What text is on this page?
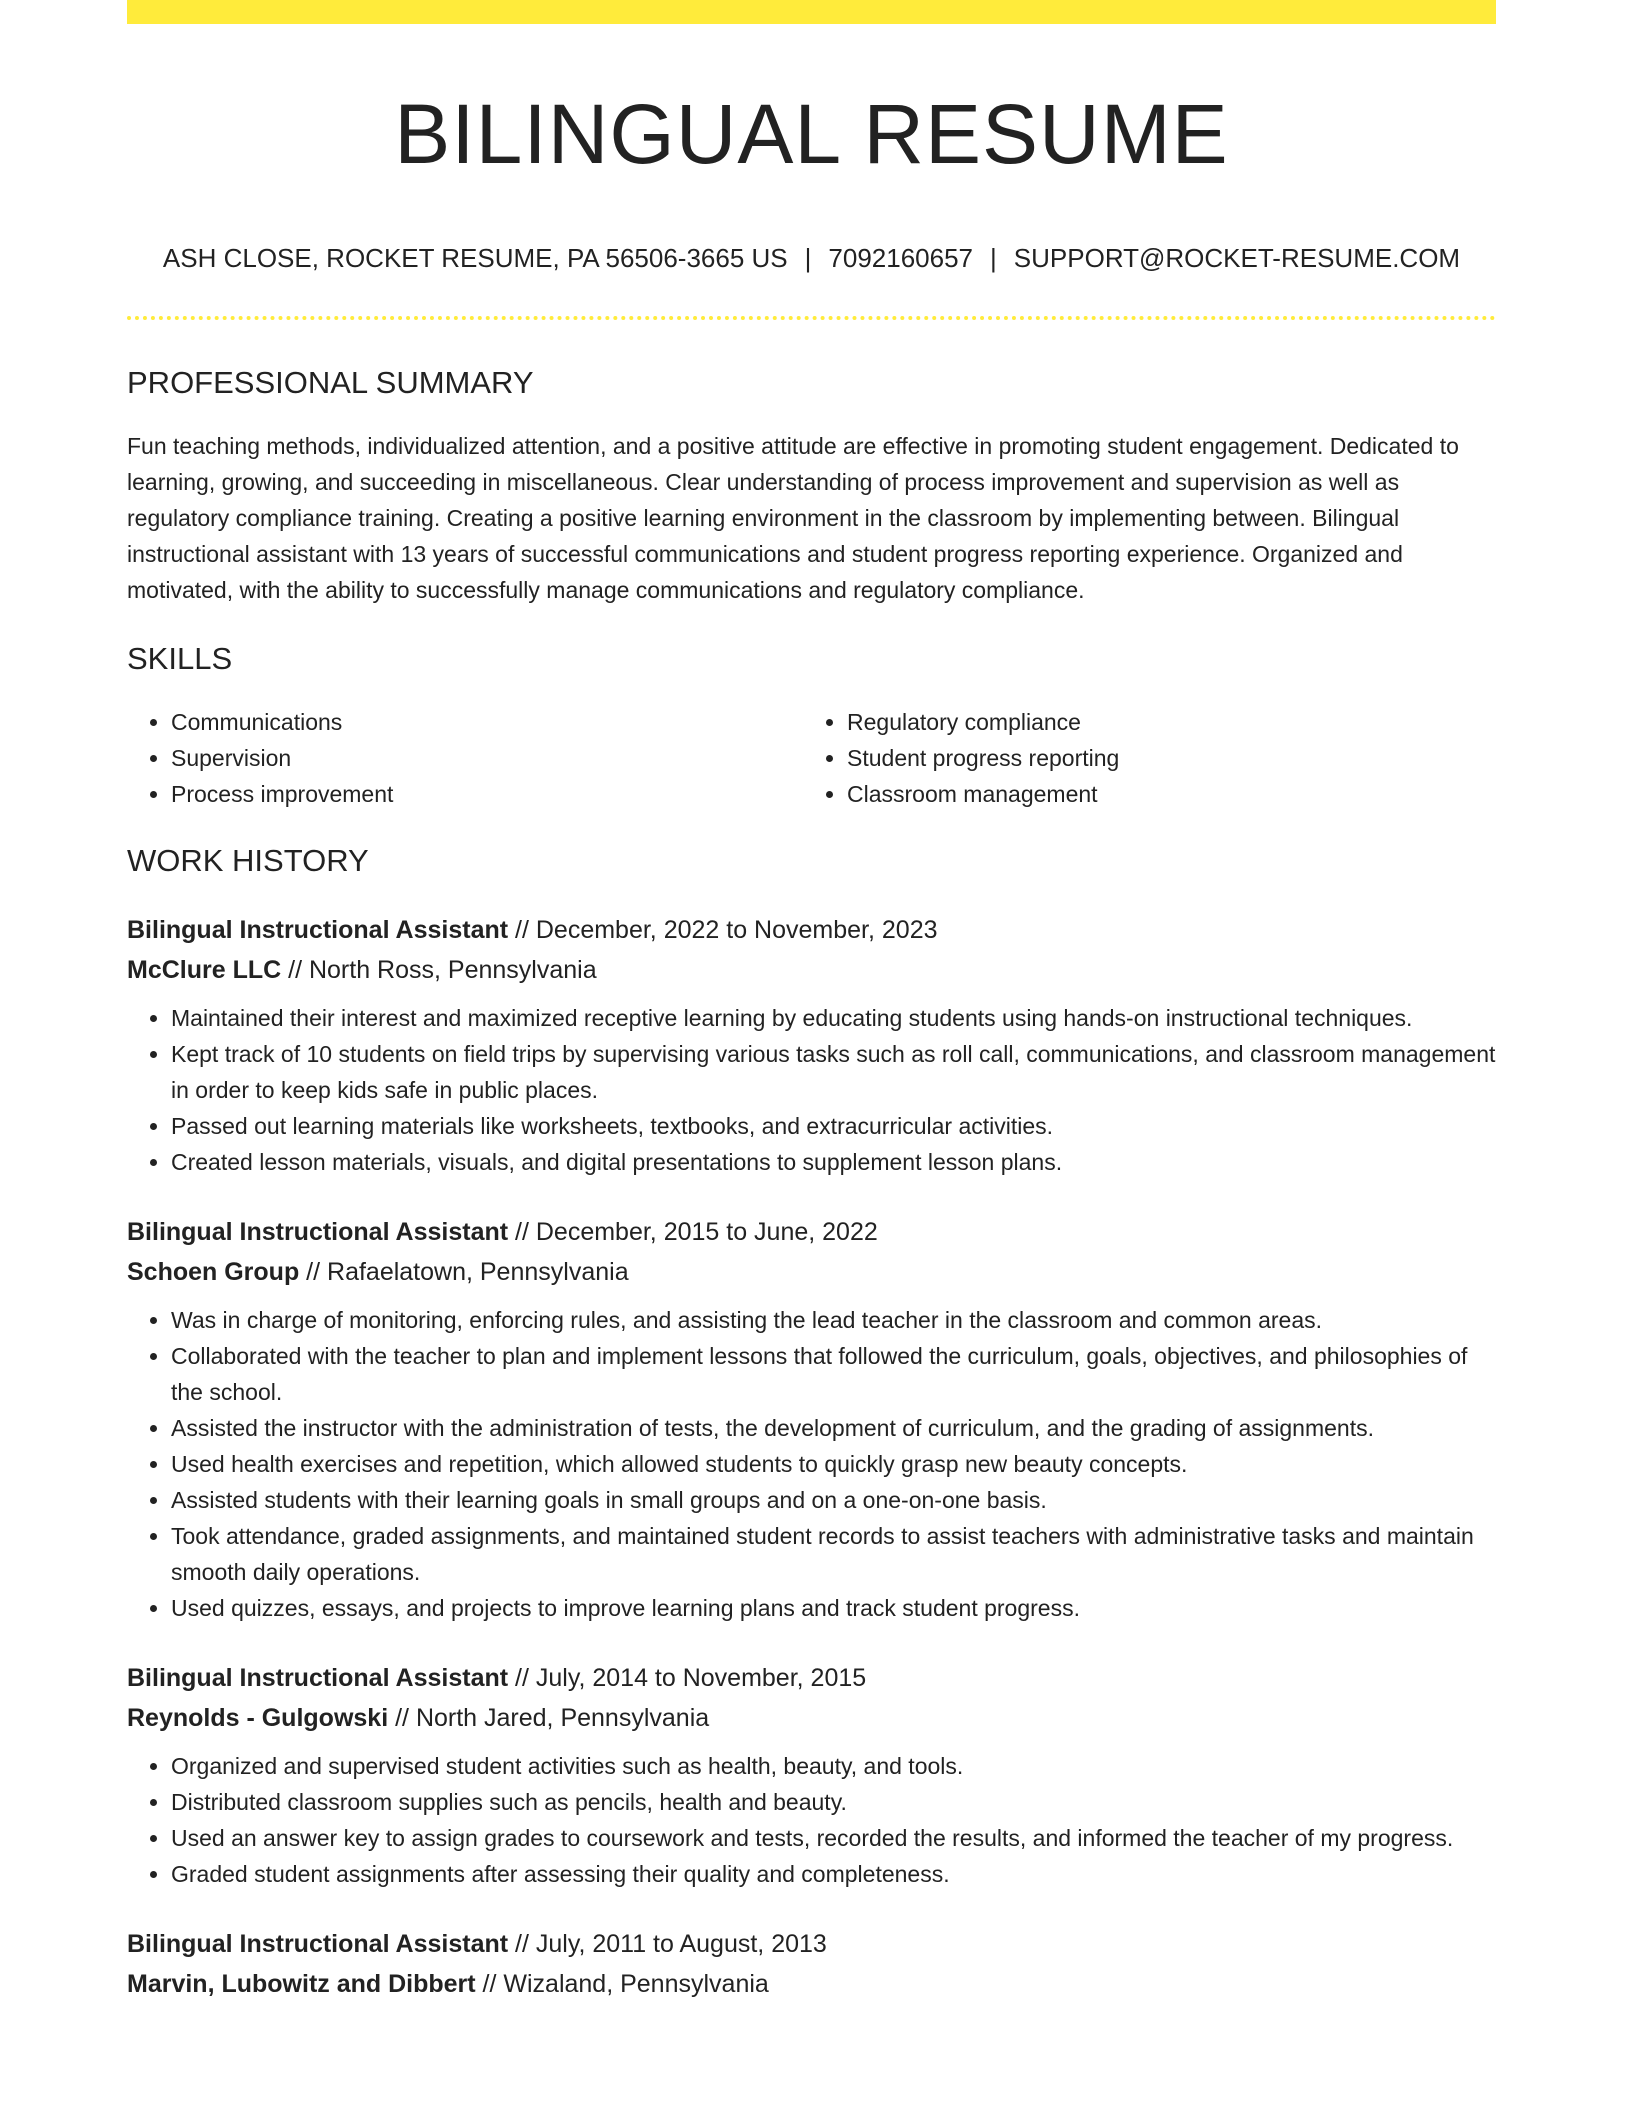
BILINGUAL RESUME
ASH CLOSE, ROCKET RESUME, PA 56506-3665 US | 7092160657 | SUPPORT@ROCKET-RESUME.COM
PROFESSIONAL SUMMARY
Fun teaching methods, individualized attention, and a positive attitude are effective in promoting student engagement. Dedicated to learning, growing, and succeeding in miscellaneous. Clear understanding of process improvement and supervision as well as regulatory compliance training. Creating a positive learning environment in the classroom by implementing between. Bilingual instructional assistant with 13 years of successful communications and student progress reporting experience. Organized and motivated, with the ability to successfully manage communications and regulatory compliance.
SKILLS
• Communications
• Supervision
• Process improvement
• Regulatory compliance
• Student progress reporting
• Classroom management
WORK HISTORY
Bilingual Instructional Assistant // December, 2022 to November, 2023
McClure LLC // North Ross, Pennsylvania
• Maintained their interest and maximized receptive learning by educating students using hands-on instructional techniques.
• Kept track of 10 students on field trips by supervising various tasks such as roll call, communications, and classroom management in order to keep kids safe in public places.
• Passed out learning materials like worksheets, textbooks, and extracurricular activities.
• Created lesson materials, visuals, and digital presentations to supplement lesson plans.
Bilingual Instructional Assistant // December, 2015 to June, 2022
Schoen Group // Rafaelatown, Pennsylvania
• Was in charge of monitoring, enforcing rules, and assisting the lead teacher in the classroom and common areas.
• Collaborated with the teacher to plan and implement lessons that followed the curriculum, goals, objectives, and philosophies of the school.
• Assisted the instructor with the administration of tests, the development of curriculum, and the grading of assignments.
• Used health exercises and repetition, which allowed students to quickly grasp new beauty concepts.
• Assisted students with their learning goals in small groups and on a one-on-one basis.
• Took attendance, graded assignments, and maintained student records to assist teachers with administrative tasks and maintain smooth daily operations.
• Used quizzes, essays, and projects to improve learning plans and track student progress.
Bilingual Instructional Assistant // July, 2014 to November, 2015
Reynolds - Gulgowski // North Jared, Pennsylvania
• Organized and supervised student activities such as health, beauty, and tools.
• Distributed classroom supplies such as pencils, health and beauty.
• Used an answer key to assign grades to coursework and tests, recorded the results, and informed the teacher of my progress.
• Graded student assignments after assessing their quality and completeness.
Bilingual Instructional Assistant // July, 2011 to August, 2013
Marvin, Lubowitz and Dibbert // Wizaland, Pennsylvania
